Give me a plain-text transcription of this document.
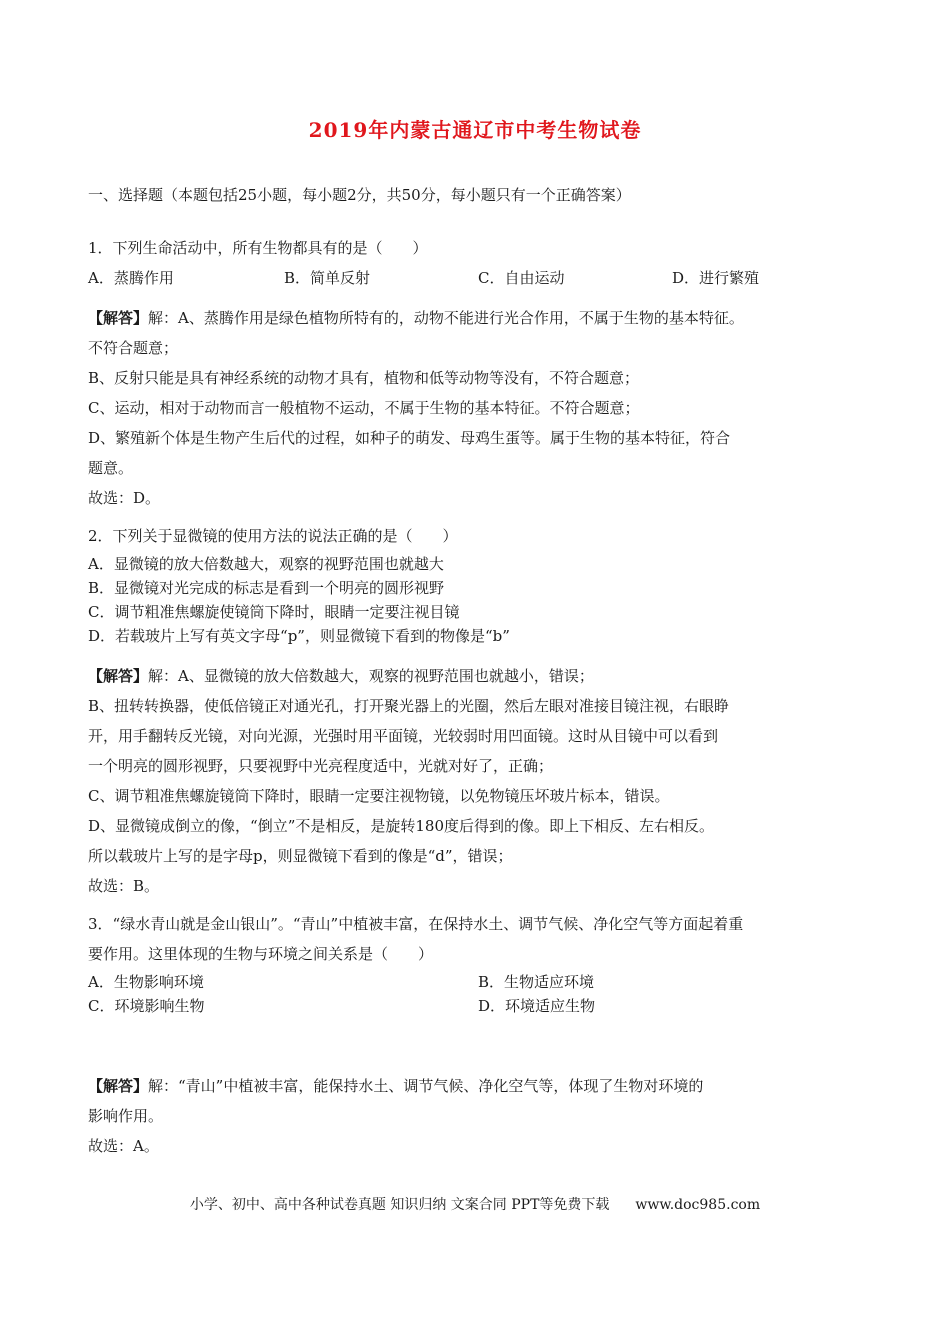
2019年内蒙古通辽市中考生物试卷
一、选择题（本题包括25小题，每小题2分，共50分，每小题只有一个正确答案）
1．下列生命活动中，所有生物都具有的是（　　）
A．蒸腾作用	B．简单反射	C．自由运动	D．进行繁殖
【解答】解：A、蒸腾作用是绿色植物所特有的，动物不能进行光合作用，不属于生物的基本特征。
不符合题意；
B、反射只能是具有神经系统的动物才具有，植物和低等动物等没有，不符合题意；
C、运动，相对于动物而言一般植物不运动，不属于生物的基本特征。不符合题意；
D、繁殖新个体是生物产生后代的过程，如种子的萌发、母鸡生蛋等。属于生物的基本特征，符合
题意。
故选：D。
2．下列关于显微镜的使用方法的说法正确的是（　　）
A．显微镜的放大倍数越大，观察的视野范围也就越大
B．显微镜对光完成的标志是看到一个明亮的圆形视野
C．调节粗准焦螺旋使镜筒下降时，眼睛一定要注视目镜
D．若载玻片上写有英文字母“p”，则显微镜下看到的物像是“b”
【解答】解：A、显微镜的放大倍数越大，观察的视野范围也就越小，错误；
B、扭转转换器，使低倍镜正对通光孔，打开聚光器上的光圈，然后左眼对准接目镜注视，右眼睁
开，用手翻转反光镜，对向光源，光强时用平面镜，光较弱时用凹面镜。这时从目镜中可以看到
一个明亮的圆形视野，只要视野中光亮程度适中，光就对好了，正确；
C、调节粗准焦螺旋镜筒下降时，眼睛一定要注视物镜，以免物镜压坏玻片标本，错误。
D、显微镜成倒立的像，“倒立”不是相反，是旋转180度后得到的像。即上下相反、左右相反。
所以载玻片上写的是字母p，则显微镜下看到的像是“d”，错误；
故选：B。
3．“绿水青山就是金山银山”。“青山”中植被丰富，在保持水土、调节气候、净化空气等方面起着重
要作用。这里体现的生物与环境之间关系是（　　）
A．生物影响环境	B．生物适应环境
C．环境影响生物	D．环境适应生物
【解答】解：“青山”中植被丰富，能保持水土、调节气候、净化空气等，体现了生物对环境的
影响作用。
故选：A。
小学、初中、高中各种试卷真题 知识归纳 文案合同 PPT等免费下载 www.doc985.com
